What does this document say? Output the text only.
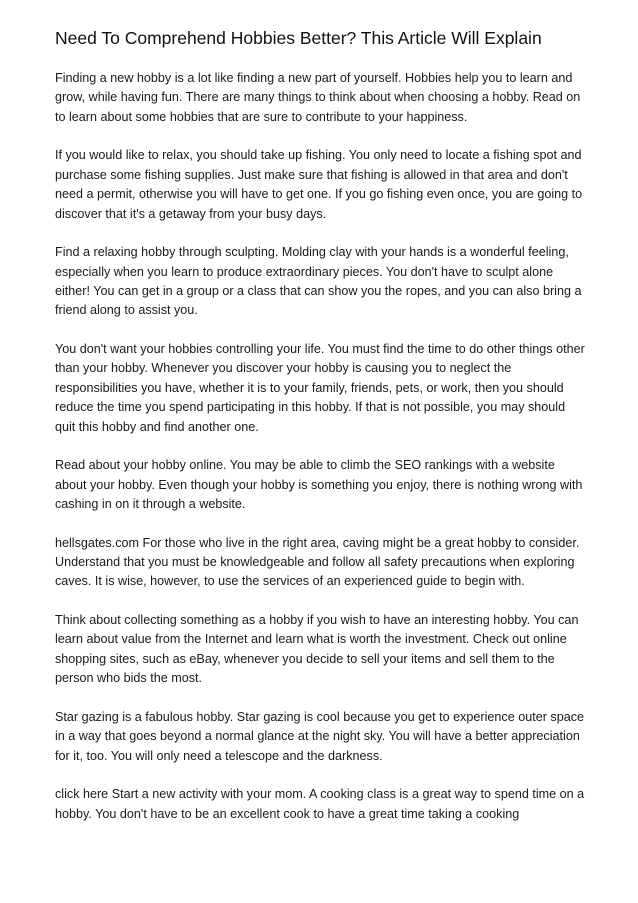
Need To Comprehend Hobbies Better? This Article Will Explain

Finding a new hobby is a lot like finding a new part of yourself. Hobbies help you to learn and grow, while having fun. There are many things to think about when choosing a hobby. Read on to learn about some hobbies that are sure to contribute to your happiness.

If you would like to relax, you should take up fishing. You only need to locate a fishing spot and purchase some fishing supplies. Just make sure that fishing is allowed in that area and don't need a permit, otherwise you will have to get one. If you go fishing even once, you are going to discover that it's a getaway from your busy days.

Find a relaxing hobby through sculpting. Molding clay with your hands is a wonderful feeling, especially when you learn to produce extraordinary pieces. You don't have to sculpt alone either! You can get in a group or a class that can show you the ropes, and you can also bring a friend along to assist you.

You don't want your hobbies controlling your life. You must find the time to do other things other than your hobby. Whenever you discover your hobby is causing you to neglect the responsibilities you have, whether it is to your family, friends, pets, or work, then you should reduce the time you spend participating in this hobby. If that is not possible, you may should quit this hobby and find another one.

Read about your hobby online. You may be able to climb the SEO rankings with a website about your hobby. Even though your hobby is something you enjoy, there is nothing wrong with cashing in on it through a website.

hellsgates.com For those who live in the right area, caving might be a great hobby to consider. Understand that you must be knowledgeable and follow all safety precautions when exploring caves. It is wise, however, to use the services of an experienced guide to begin with.

Think about collecting something as a hobby if you wish to have an interesting hobby. You can learn about value from the Internet and learn what is worth the investment. Check out online shopping sites, such as eBay, whenever you decide to sell your items and sell them to the person who bids the most.

Star gazing is a fabulous hobby. Star gazing is cool because you get to experience outer space in a way that goes beyond a normal glance at the night sky. You will have a better appreciation for it, too. You will only need a telescope and the darkness.

click here Start a new activity with your mom. A cooking class is a great way to spend time on a hobby. You don't have to be an excellent cook to have a great time taking a cooking
